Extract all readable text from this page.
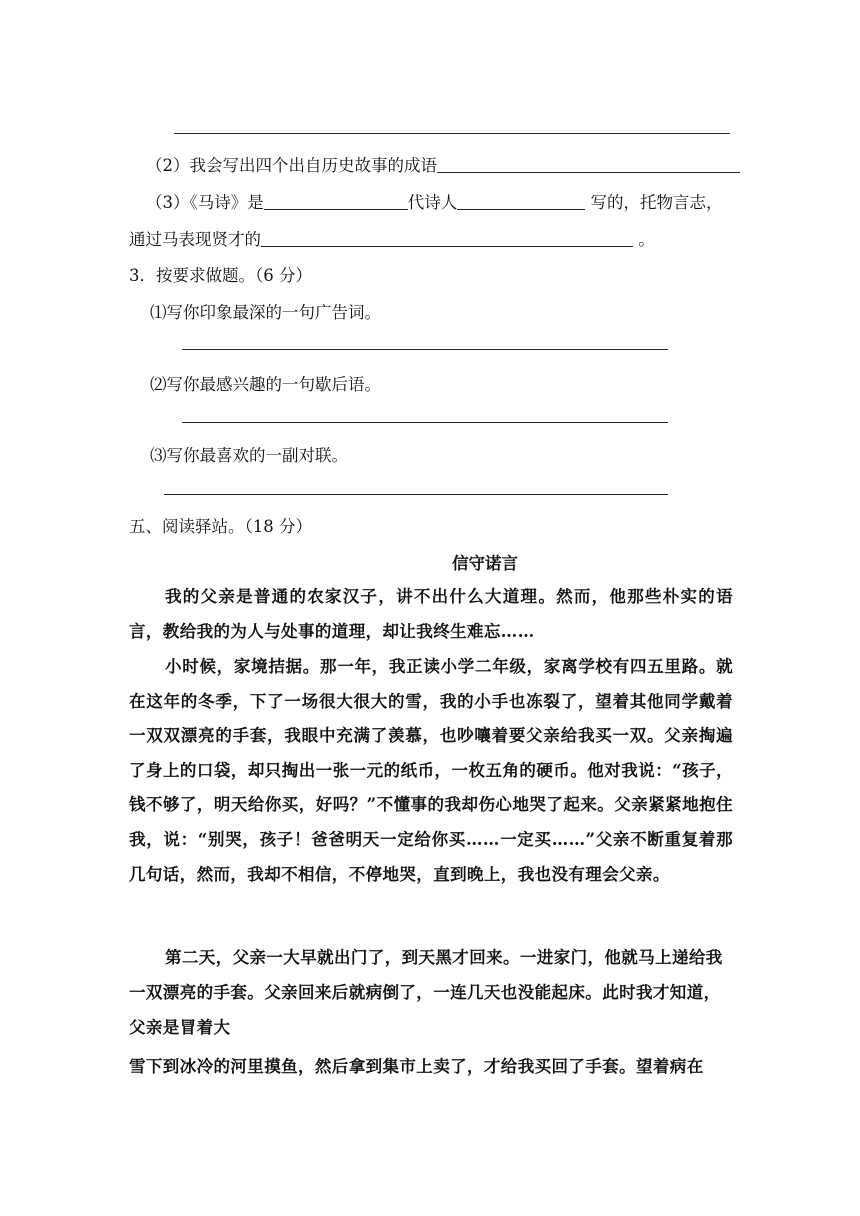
（2）我会写出四个出自历史故事的成语
（3）《马诗》是	代诗人	写的，托物言志，
通过马表现贤才的	。
3．按要求做题。（6 分）
⑴写你印象最深的一句广告词。
⑵写你最感兴趣的一句歇后语。
⑶写你最喜欢的一副对联。
五、阅读驿站。（18 分）
信守诺言
我的父亲是普通的农家汉子，讲不出什么大道理。然而，他那些朴实的语言，教给我的为人与处事的道理，却让我终生难忘……
小时候，家境拮据。那一年，我正读小学二年级，家离学校有四五里路。就在这年的冬季，下了一场很大很大的雪，我的小手也冻裂了，望着其他同学戴着一双双漂亮的手套，我眼中充满了羡慕，也吵嚷着要父亲给我买一双。父亲掏遍了身上的口袋，却只掏出一张一元的纸币，一枚五角的硬币。他对我说：“孩子，钱不够了，明天给你买，好吗？”不懂事的我却伤心地哭了起来。父亲紧紧地抱住我，说：“别哭，孩子！爸爸明天一定给你买……一定买……”父亲不断重复着那几句话，然而，我却不相信，不停地哭，直到晚上，我也没有理会父亲。
第二天，父亲一大早就出门了，到天黑才回来。一进家门，他就马上递给我
一双漂亮的手套。父亲回来后就病倒了，一连几天也没能起床。此时我才知道，
父亲是冒着大
雪下到冰冷的河里摸鱼，然后拿到集市上卖了，才给我买回了手套。望着病在
